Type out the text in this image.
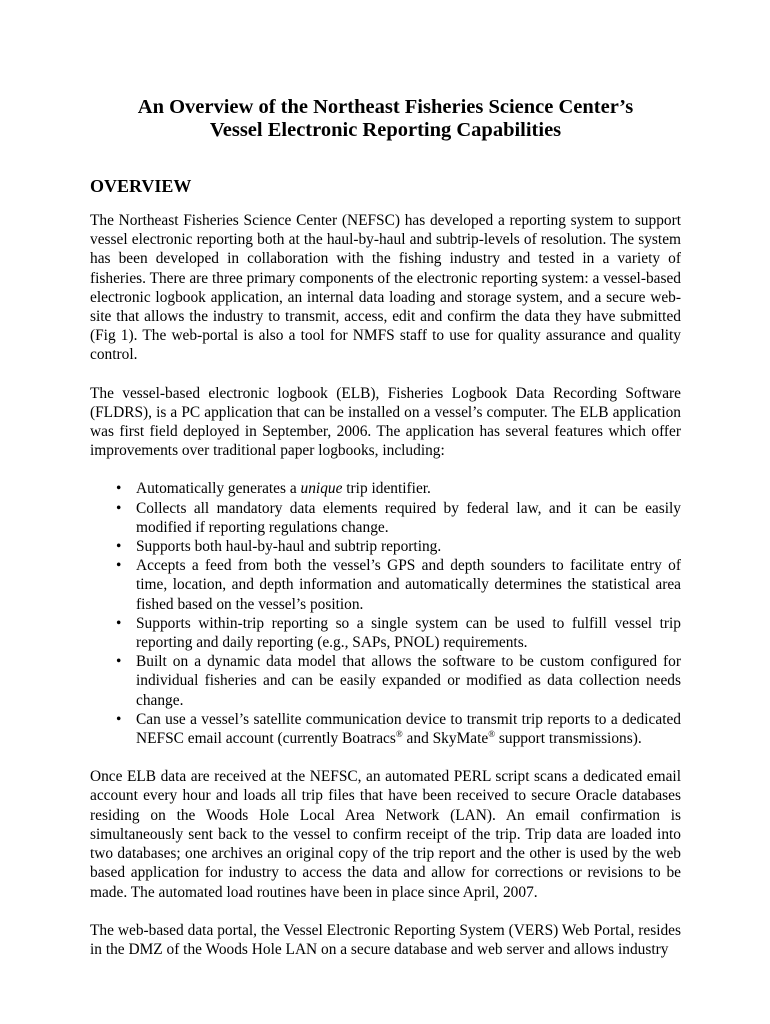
An Overview of the Northeast Fisheries Science Center’s
Vessel Electronic Reporting Capabilities
OVERVIEW

The Northeast Fisheries Science Center (NEFSC) has developed a reporting system to support vessel electronic reporting both at the haul-by-haul and subtrip-levels of resolution. The system has been developed in collaboration with the fishing industry and tested in a variety of fisheries. There are three primary components of the electronic reporting system: a vessel-based electronic logbook application, an internal data loading and storage system, and a secure web-site that allows the industry to transmit, access, edit and confirm the data they have submitted (Fig 1). The web-portal is also a tool for NMFS staff to use for quality assurance and quality control.

The vessel-based electronic logbook (ELB), Fisheries Logbook Data Recording Software (FLDRS), is a PC application that can be installed on a vessel’s computer. The ELB application was first field deployed in September, 2006. The application has several features which offer improvements over traditional paper logbooks, including:

• Automatically generates a unique trip identifier.
• Collects all mandatory data elements required by federal law, and it can be easily modified if reporting regulations change.
• Supports both haul-by-haul and subtrip reporting.
• Accepts a feed from both the vessel’s GPS and depth sounders to facilitate entry of time, location, and depth information and automatically determines the statistical area fished based on the vessel’s position.
• Supports within-trip reporting so a single system can be used to fulfill vessel trip reporting and daily reporting (e.g., SAPs, PNOL) requirements.
• Built on a dynamic data model that allows the software to be custom configured for individual fisheries and can be easily expanded or modified as data collection needs change.
• Can use a vessel’s satellite communication device to transmit trip reports to a dedicated NEFSC email account (currently Boatracs® and SkyMate® support transmissions).

Once ELB data are received at the NEFSC, an automated PERL script scans a dedicated email account every hour and loads all trip files that have been received to secure Oracle databases residing on the Woods Hole Local Area Network (LAN). An email confirmation is simultaneously sent back to the vessel to confirm receipt of the trip. Trip data are loaded into two databases; one archives an original copy of the trip report and the other is used by the web based application for industry to access the data and allow for corrections or revisions to be made. The automated load routines have been in place since April, 2007.

The web-based data portal, the Vessel Electronic Reporting System (VERS) Web Portal, resides in the DMZ of the Woods Hole LAN on a secure database and web server and allows industry
